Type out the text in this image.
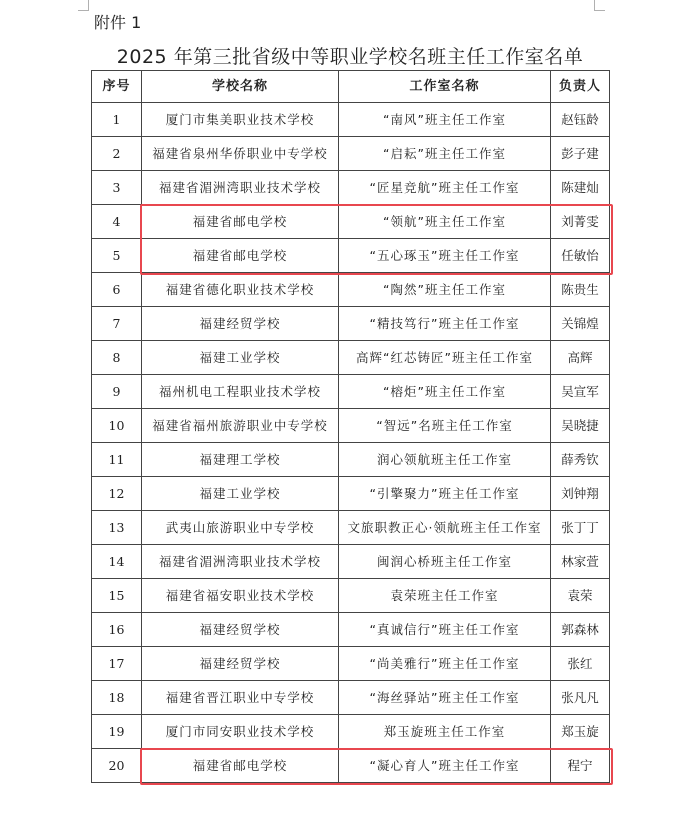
附件 1
2025 年第三批省级中等职业学校名班主任工作室名单
序号	学校名称	工作室名称	负责人
1	厦门市集美职业技术学校	“南风”班主任工作室	赵钰龄
2	福建省泉州华侨职业中专学校	“启耘”班主任工作室	彭子建
3	福建省湄洲湾职业技术学校	“匠星竞航”班主任工作室	陈建灿
4	福建省邮电学校	“领航”班主任工作室	刘菁雯
5	福建省邮电学校	“五心琢玉”班主任工作室	任敏怡
6	福建省德化职业技术学校	“陶然”班主任工作室	陈贵生
7	福建经贸学校	“精技笃行”班主任工作室	关锦煌
8	福建工业学校	高辉“红芯铸匠”班主任工作室	高辉
9	福州机电工程职业技术学校	“榕炬”班主任工作室	吴宣军
10	福建省福州旅游职业中专学校	“智远”名班主任工作室	吴晓捷
11	福建理工学校	润心领航班主任工作室	薛秀钦
12	福建工业学校	“引擎聚力”班主任工作室	刘钟翔
13	武夷山旅游职业中专学校	文旅职教正心·领航班主任工作室	张丁丁
14	福建省湄洲湾职业技术学校	闽润心桥班主任工作室	林家萱
15	福建省福安职业技术学校	袁荣班主任工作室	袁荣
16	福建经贸学校	“真诚信行”班主任工作室	郭森林
17	福建经贸学校	“尚美雅行”班主任工作室	张红
18	福建省晋江职业中专学校	“海丝驿站”班主任工作室	张凡凡
19	厦门市同安职业技术学校	郑玉旋班主任工作室	郑玉旋
20	福建省邮电学校	“凝心育人”班主任工作室	程宁
